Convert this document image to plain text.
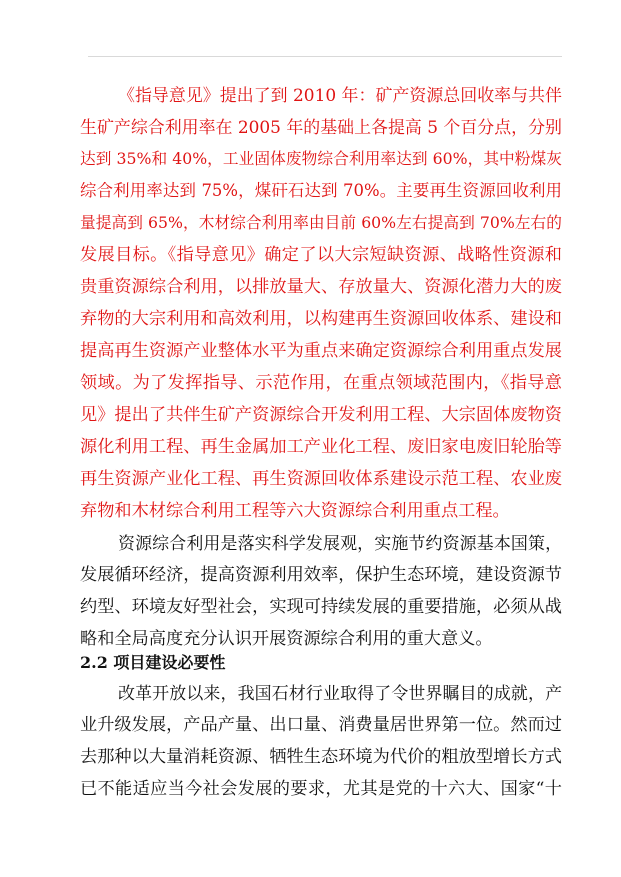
《指导意见》提出了到 2010 年：矿产资源总回收率与共伴
生矿产综合利用率在 2005 年的基础上各提高 5 个百分点，分别
达到 35%和 40%，工业固体废物综合利用率达到 60%，其中粉煤灰
综合利用率达到 75%，煤矸石达到 70%。主要再生资源回收利用
量提高到 65%，木材综合利用率由目前 60%左右提高到 70%左右的
发展目标。《指导意见》确定了以大宗短缺资源、战略性资源和
贵重资源综合利用，以排放量大、存放量大、资源化潜力大的废
弃物的大宗利用和高效利用，以构建再生资源回收体系、建设和
提高再生资源产业整体水平为重点来确定资源综合利用重点发展
领域。为了发挥指导、示范作用，在重点领域范围内，《指导意
见》提出了共伴生矿产资源综合开发利用工程、大宗固体废物资
源化利用工程、再生金属加工产业化工程、废旧家电废旧轮胎等
再生资源产业化工程、再生资源回收体系建设示范工程、农业废
弃物和木材综合利用工程等六大资源综合利用重点工程。
资源综合利用是落实科学发展观，实施节约资源基本国策，
发展循环经济，提高资源利用效率，保护生态环境，建设资源节
约型、环境友好型社会，实现可持续发展的重要措施，必须从战
略和全局高度充分认识开展资源综合利用的重大意义。
2.2 项目建设必要性
改革开放以来，我国石材行业取得了令世界瞩目的成就，产
业升级发展，产品产量、出口量、消费量居世界第一位。然而过
去那种以大量消耗资源、牺牲生态环境为代价的粗放型增长方式
已不能适应当今社会发展的要求，尤其是党的十六大、国家“十
